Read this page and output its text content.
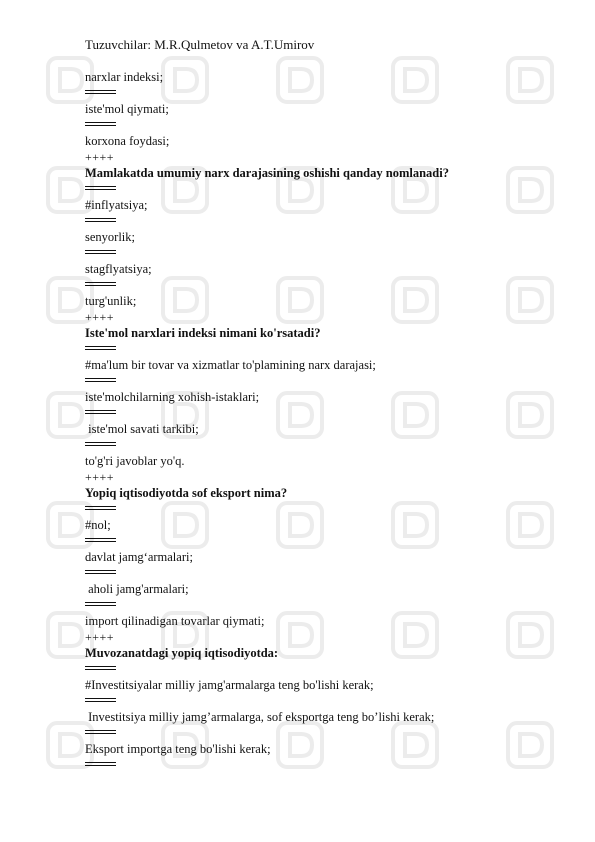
Tuzuvchilar: M.R.Qulmetov va A.T.Umirov
narxlar indeksi;
iste'mol qiymati;
korxona foydasi;
++++
Mamlakatda umumiy narx darajasining oshishi qanday nomlanadi?
#inflyatsiya;
senyorlik;
stagflyatsiya;
turg'unlik;
++++
Iste'mol narxlari indeksi nimani ko'rsatadi?
#ma'lum bir tovar va xizmatlar to'plamining narx darajasi;
iste'molchilarning xohish-istaklari;
iste'mol savati tarkibi;
to'g'ri javoblar yo'q.
++++
Yopiq iqtisodiyotda sof eksport nima?
#nol;
davlat jamg‘armalari;
aholi jamg'armalari;
import qilinadigan tovarlar qiymati;
++++
Muvozanatdagi yopiq iqtisodiyotda:
#Investitsiyalar milliy jamg'armalarga teng bo'lishi kerak;
Investitsiya milliy jamg’armalarga, sof eksportga teng bo’lishi kerak;
Eksport importga teng bo'lishi kerak;
